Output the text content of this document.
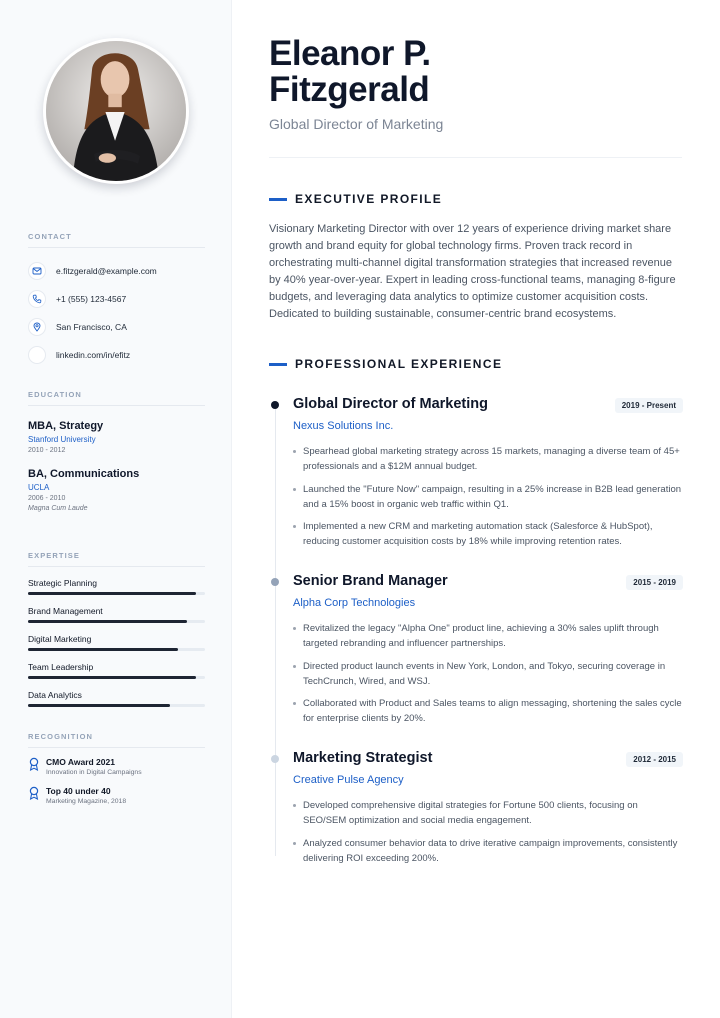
CONTACT
e.fitzgerald@example.com
+1 (555) 123-4567
San Francisco, CA
linkedin.com/in/efitz
EDUCATION
MBA, Strategy
Stanford University
2010 - 2012
BA, Communications
UCLA
2006 - 2010
Magna Cum Laude
EXPERTISE
Strategic Planning
Brand Management
Digital Marketing
Team Leadership
Data Analytics
RECOGNITION
CMO Award 2021
Innovation in Digital Campaigns
Top 40 under 40
Marketing Magazine, 2018
Eleanor P.
Fitzgerald
Global Director of Marketing
EXECUTIVE PROFILE
Visionary Marketing Director with over 12 years of experience driving market share growth and brand equity for global technology firms. Proven track record in orchestrating multi-channel digital transformation strategies that increased revenue by 40% year-over-year. Expert in leading cross-functional teams, managing 8-figure budgets, and leveraging data analytics to optimize customer acquisition costs. Dedicated to building sustainable, consumer-centric brand ecosystems.
PROFESSIONAL EXPERIENCE
Global Director of Marketing	2019 - Present
Nexus Solutions Inc.
Spearhead global marketing strategy across 15 markets, managing a diverse team of 45+ professionals and a $12M annual budget.
Launched the "Future Now" campaign, resulting in a 25% increase in B2B lead generation and a 15% boost in organic web traffic within Q1.
Implemented a new CRM and marketing automation stack (Salesforce & HubSpot), reducing customer acquisition costs by 18% while improving retention rates.
Senior Brand Manager	2015 - 2019
Alpha Corp Technologies
Revitalized the legacy "Alpha One" product line, achieving a 30% sales uplift through targeted rebranding and influencer partnerships.
Directed product launch events in New York, London, and Tokyo, securing coverage in TechCrunch, Wired, and WSJ.
Collaborated with Product and Sales teams to align messaging, shortening the sales cycle for enterprise clients by 20%.
Marketing Strategist	2012 - 2015
Creative Pulse Agency
Developed comprehensive digital strategies for Fortune 500 clients, focusing on SEO/SEM optimization and social media engagement.
Analyzed consumer behavior data to drive iterative campaign improvements, consistently delivering ROI exceeding 200%.
